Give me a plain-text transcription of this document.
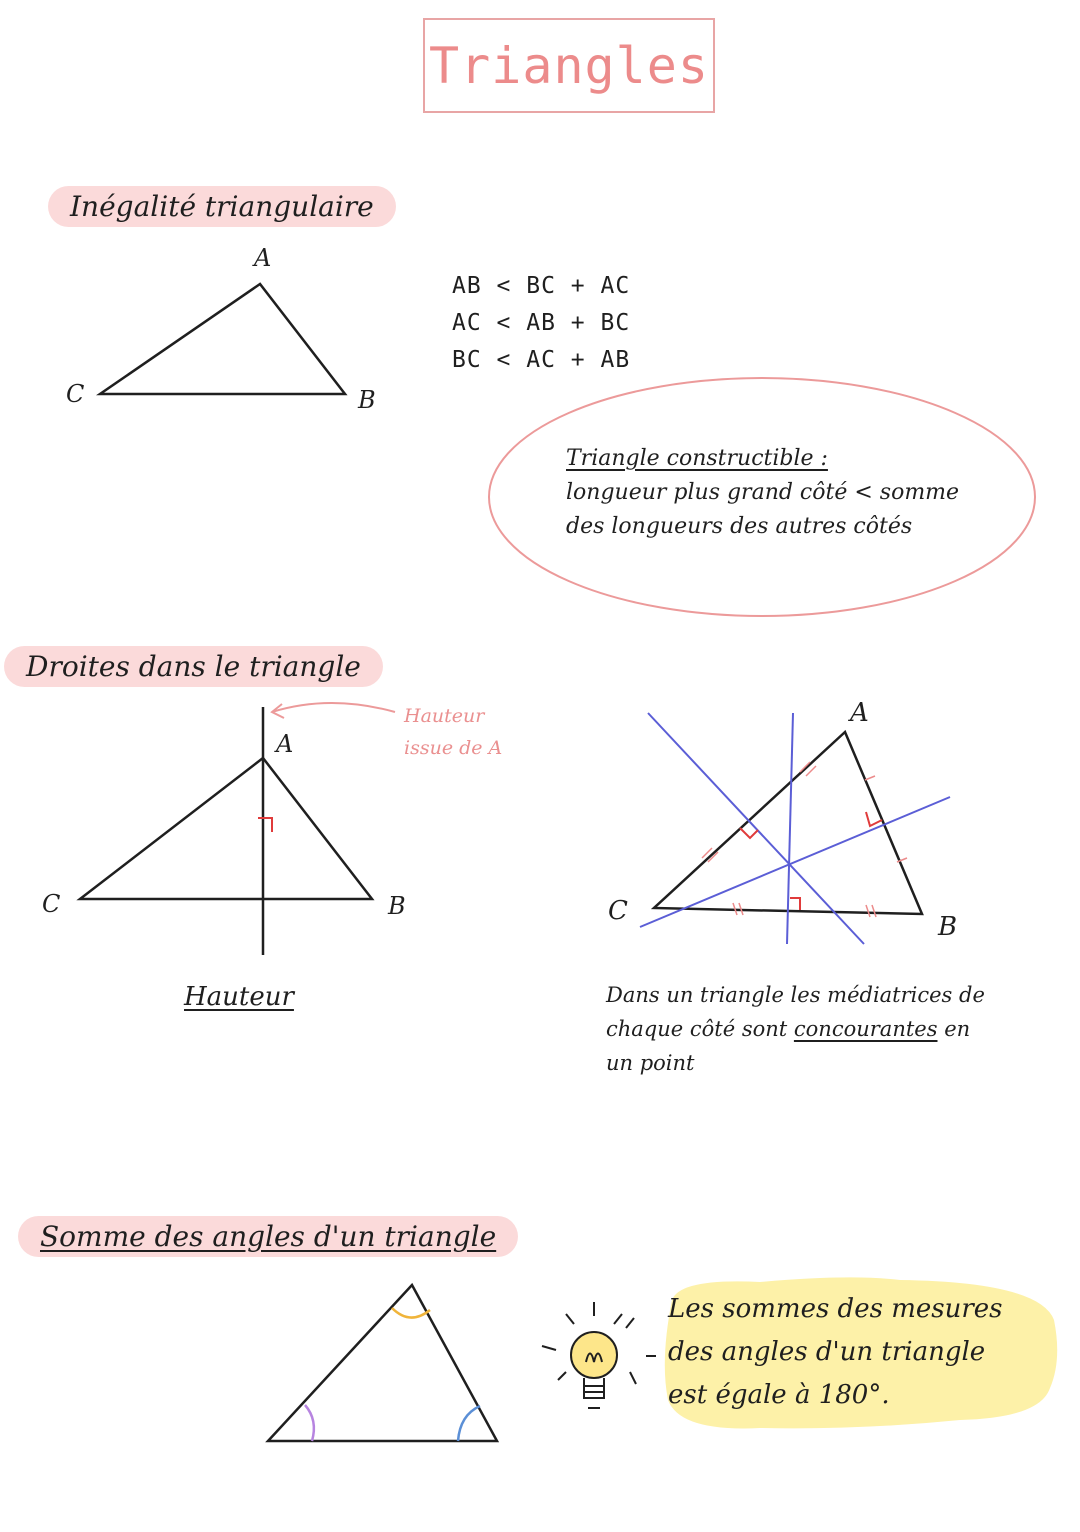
Triangles
Inégalité triangulaire
A
C	B
AB < BC + AC
AC < AB + BC
BC < AC + AB
Triangle constructible :
longueur plus grand côté < somme
des longueurs des autres côtés
Droites dans le triangle
A
C	B
Hauteur
issue de A
Hauteur
A
C
B
Dans un triangle les médiatrices de
chaque côté sont concourantes en
un point
Somme des angles d'un triangle
Les sommes des mesures
des angles d'un triangle
est égale à 180°.
